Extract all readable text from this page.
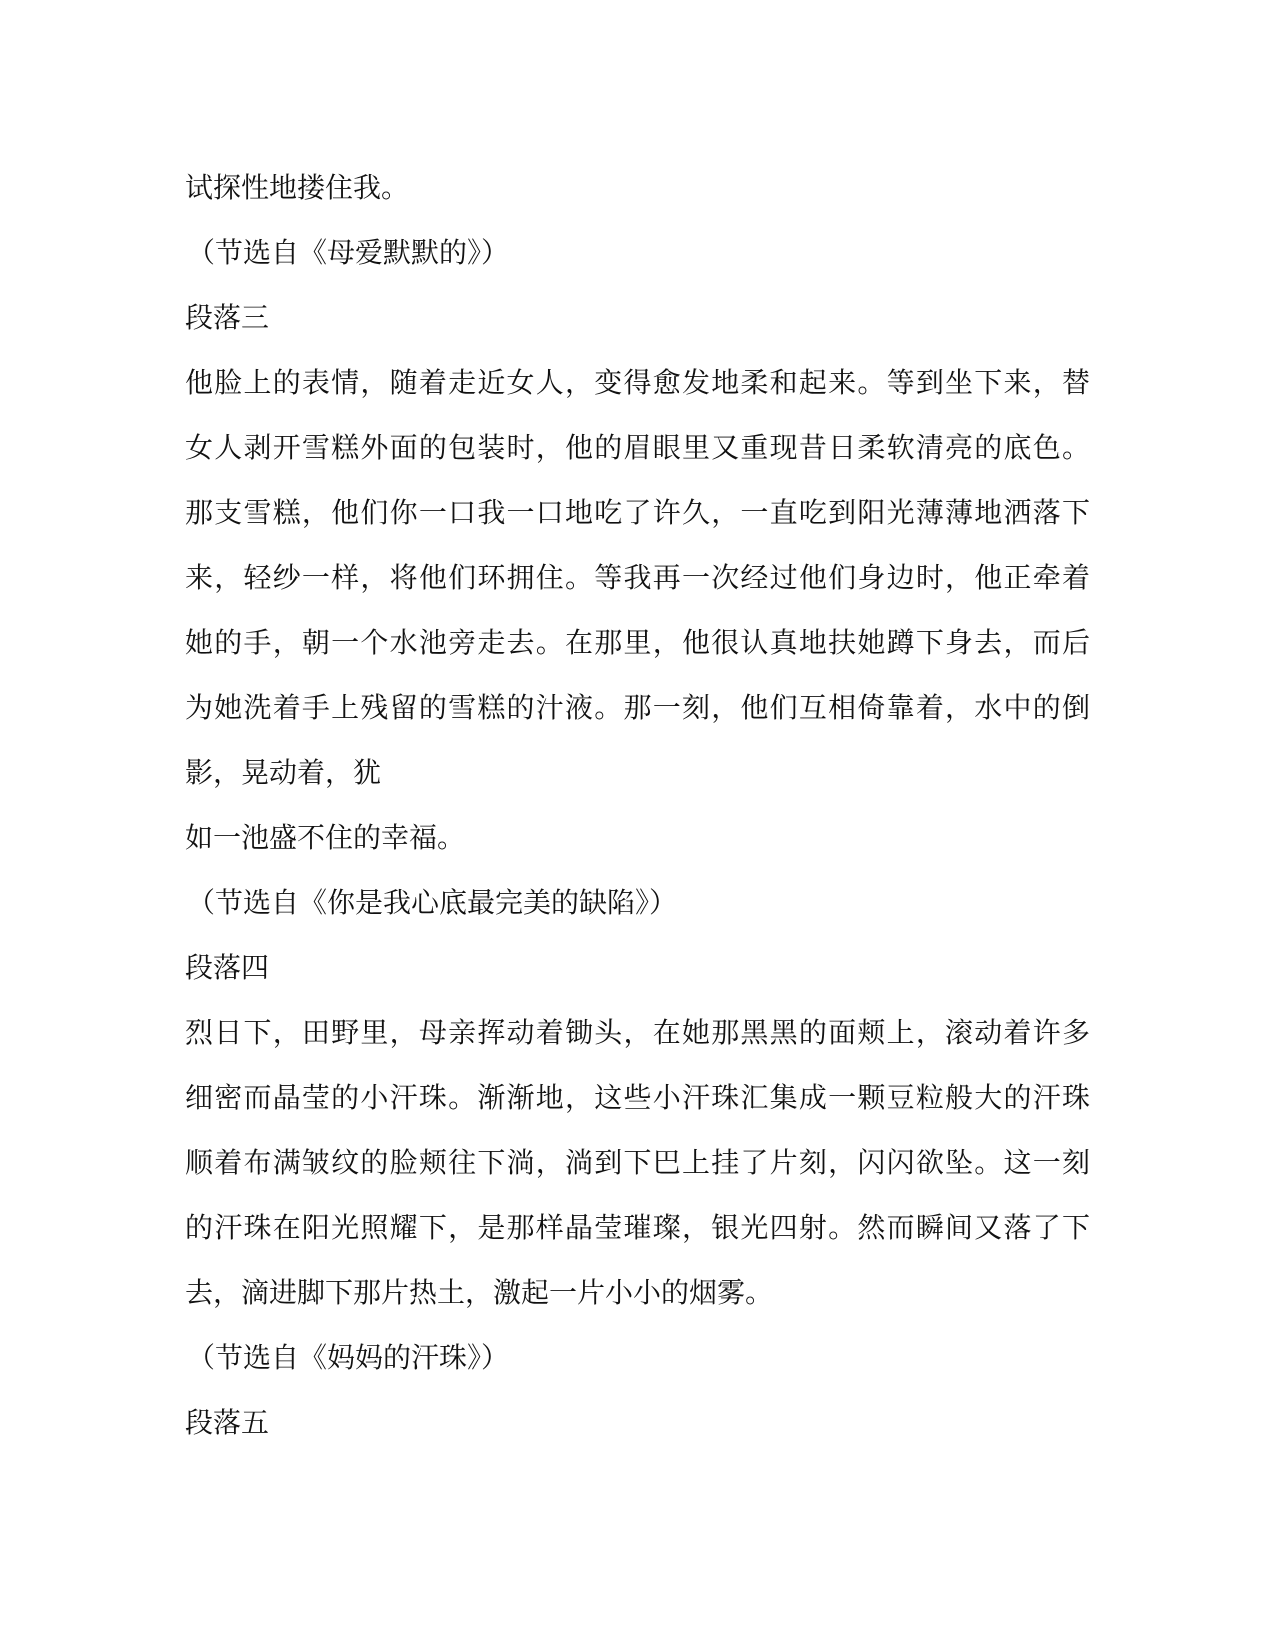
试探性地搂住我。
（节选自《母爱默默的》）
段落三
他脸上的表情，随着走近女人，变得愈发地柔和起来。等到坐下来，替
女人剥开雪糕外面的包装时，他的眉眼里又重现昔日柔软清亮的底色。
那支雪糕，他们你一口我一口地吃了许久，一直吃到阳光薄薄地洒落下
来，轻纱一样，将他们环拥住。等我再一次经过他们身边时，他正牵着
她的手，朝一个水池旁走去。在那里，他很认真地扶她蹲下身去，而后
为她洗着手上残留的雪糕的汁液。那一刻，他们互相倚靠着，水中的倒
影，晃动着，犹
如一池盛不住的幸福。
（节选自《你是我心底最完美的缺陷》）
段落四
烈日下，田野里，母亲挥动着锄头，在她那黑黑的面颊上，滚动着许多
细密而晶莹的小汗珠。渐渐地，这些小汗珠汇集成一颗豆粒般大的汗珠
顺着布满皱纹的脸颊往下淌，淌到下巴上挂了片刻，闪闪欲坠。这一刻
的汗珠在阳光照耀下，是那样晶莹璀璨，银光四射。然而瞬间又落了下
去，滴进脚下那片热土，激起一片小小的烟雾。
（节选自《妈妈的汗珠》）
段落五
